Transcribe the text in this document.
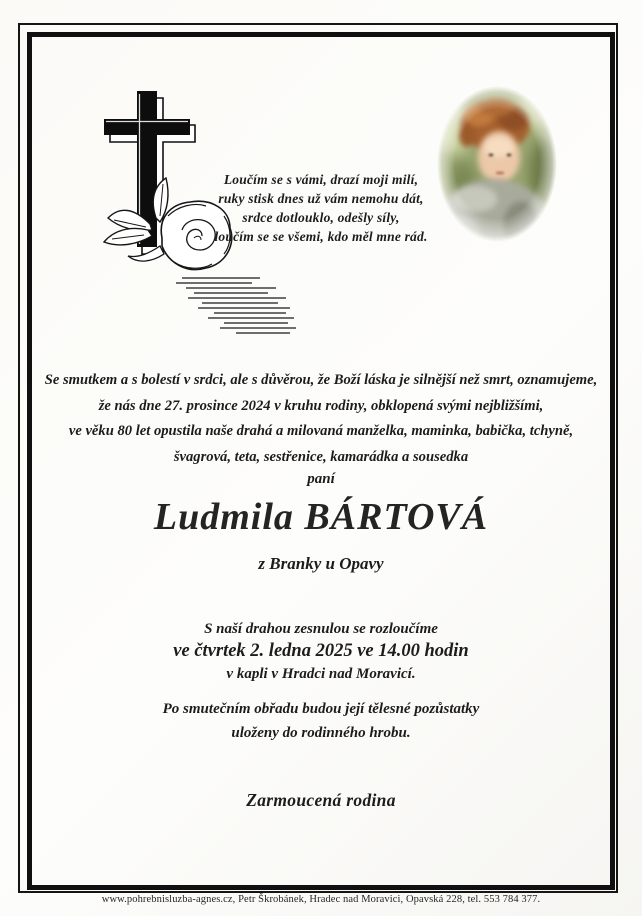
Loučím se s vámi, drazí moji milí,
ruky stisk dnes už vám nemohu dát,
srdce dotlouklo, odešly síly,
loučím se se všemi, kdo měl mne rád.
Se smutkem a s bolestí v srdci, ale s důvěrou, že Boží láska je silnější než smrt, oznamujeme,
že nás dne 27. prosince 2024 v kruhu rodiny, obklopená svými nejbližšími,
ve věku 80 let opustila naše drahá a milovaná manželka, maminka, babička, tchyně,
švagrová, teta, sestřenice, kamarádka a sousedka
paní
Ludmila BÁRTOVÁ
z Branky u Opavy
S naší drahou zesnulou se rozloučíme
ve čtvrtek 2. ledna 2025 ve 14.00 hodin
v kapli v Hradci nad Moravicí.
Po smutečním obřadu budou její tělesné pozůstatky
uloženy do rodinného hrobu.
Zarmoucená rodina
www.pohrebnisluzba-agnes.cz, Petr Škrobánek, Hradec nad Moravici, Opavská 228, tel. 553 784 377.
